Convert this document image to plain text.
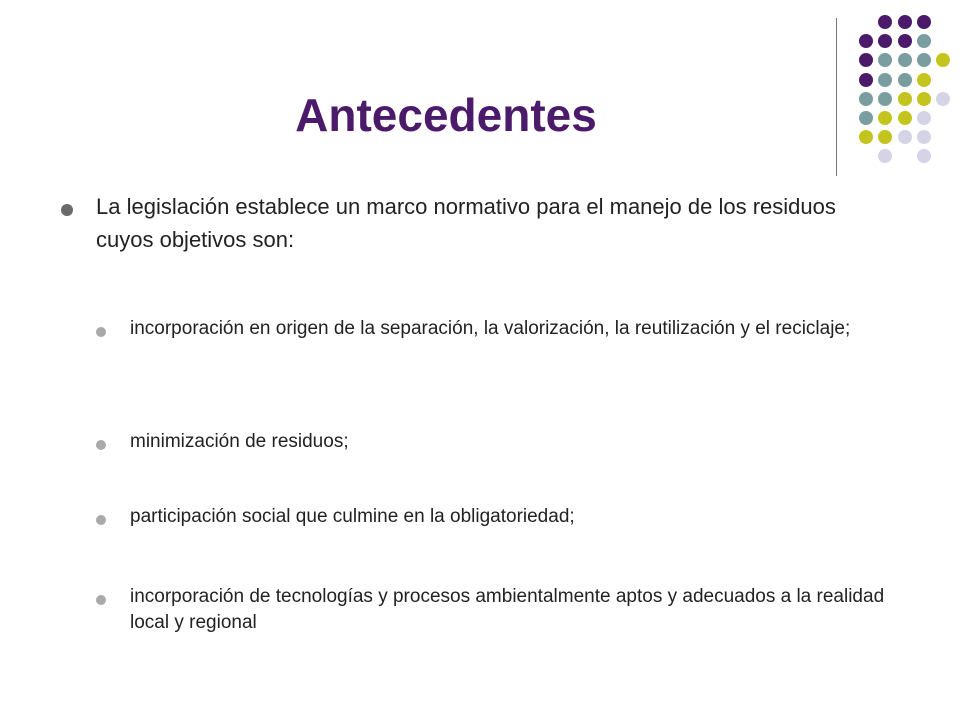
Antecedentes
La legislación establece un marco normativo para el manejo de los residuos cuyos objetivos son:
incorporación en origen de la separación, la valorización, la reutilización y el reciclaje;
minimización de residuos;
participación social que culmine en la obligatoriedad;
incorporación de tecnologías y procesos ambientalmente aptos y adecuados a la realidad local y regional
